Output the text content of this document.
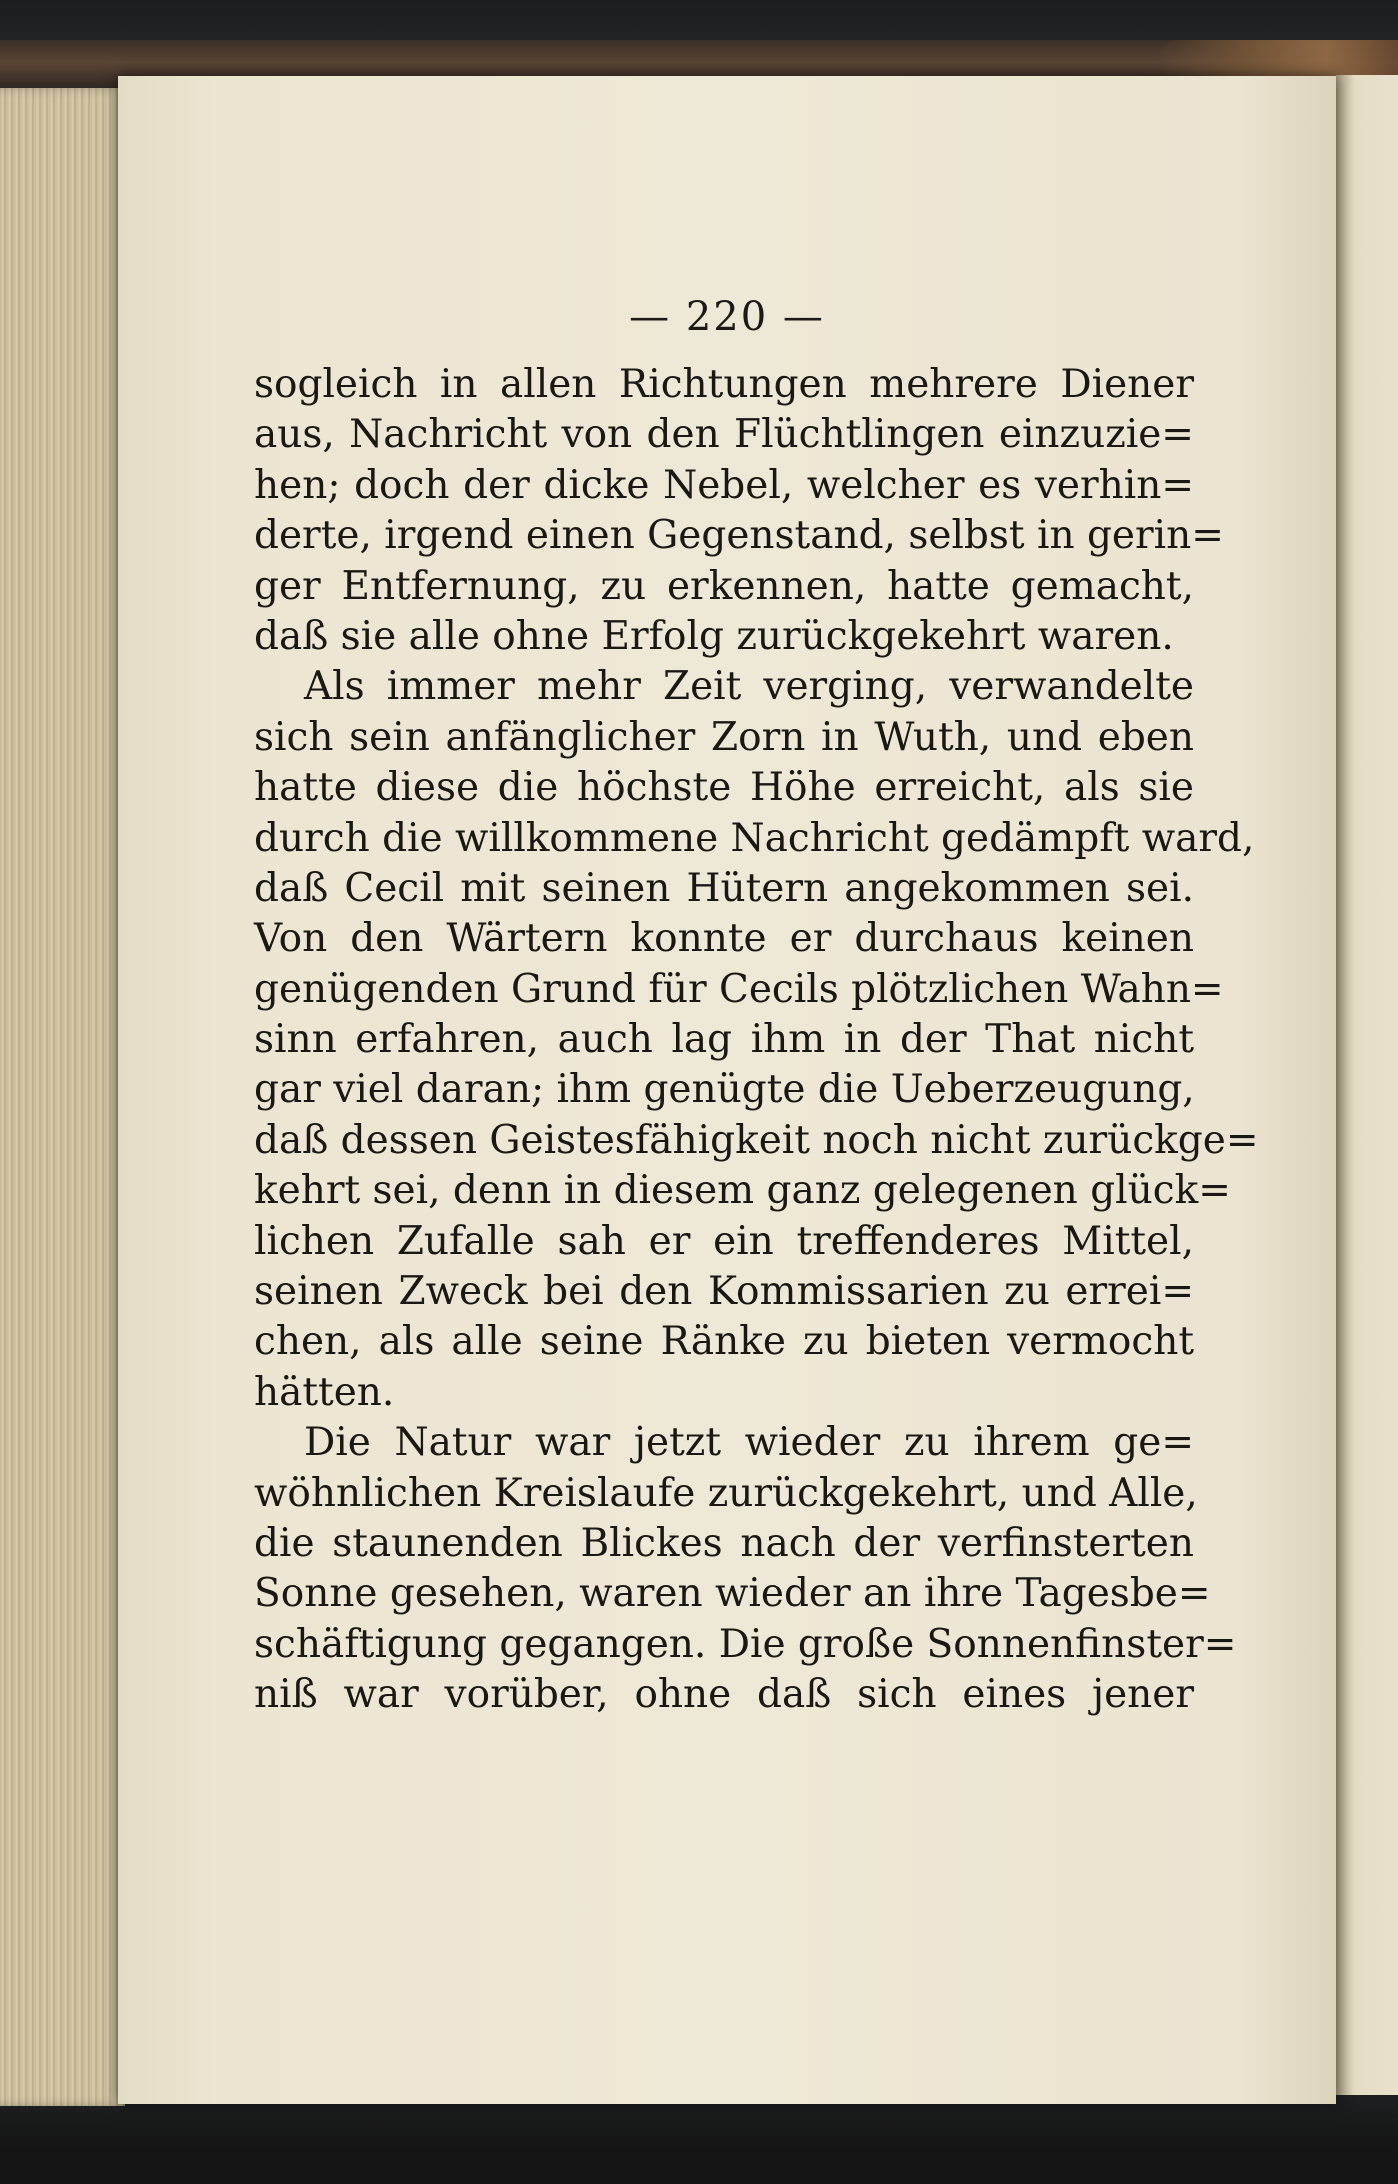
— 220 —
sogleich in allen Richtungen mehrere Diener
aus, Nachricht von den Flüchtlingen einzuzie=
hen; doch der dicke Nebel, welcher es verhin=
derte, irgend einen Gegenstand, selbst in gerin=
ger Entfernung, zu erkennen, hatte gemacht,
daß sie alle ohne Erfolg zurückgekehrt waren.
Als immer mehr Zeit verging, verwandelte
sich sein anfänglicher Zorn in Wuth, und eben
hatte diese die höchste Höhe erreicht, als sie
durch die willkommene Nachricht gedämpft ward,
daß Cecil mit seinen Hütern angekommen sei.
Von den Wärtern konnte er durchaus keinen
genügenden Grund für Cecils plötzlichen Wahn=
sinn erfahren, auch lag ihm in der That nicht
gar viel daran; ihm genügte die Ueberzeugung,
daß dessen Geistesfähigkeit noch nicht zurückge=
kehrt sei, denn in diesem ganz gelegenen glück=
lichen Zufalle sah er ein treffenderes Mittel,
seinen Zweck bei den Kommissarien zu errei=
chen, als alle seine Ränke zu bieten vermocht
hätten.
Die Natur war jetzt wieder zu ihrem ge=
wöhnlichen Kreislaufe zurückgekehrt, und Alle,
die staunenden Blickes nach der verfinsterten
Sonne gesehen, waren wieder an ihre Tagesbe=
schäftigung gegangen. Die große Sonnenfinster=
niß war vorüber, ohne daß sich eines jener
